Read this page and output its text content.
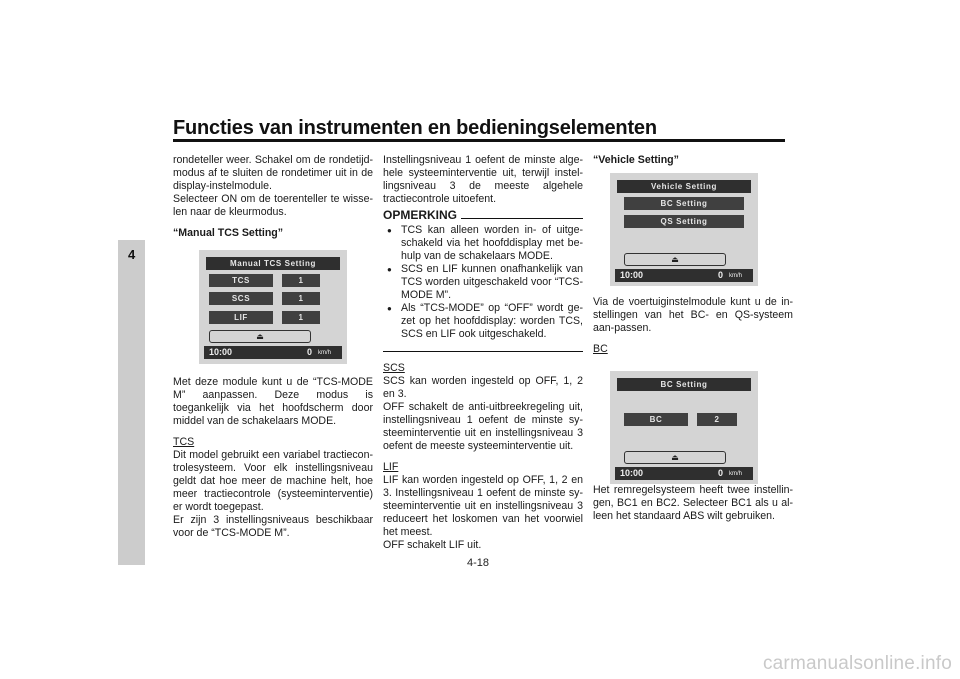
Functies van instrumenten en bedieningselementen
4

rondeteller weer. Schakel om de rondetijd-modus af te sluiten de rondetimer uit in de display-instelmodule.

Selecteer ON om de toerenteller te wisse-len naar de kleurmodus.

“Manual TCS Setting”

Met deze module kunt u de “TCS-MODE M” aanpassen. Deze modus is toegankelijk via het hoofdscherm door middel van de schakelaars MODE.

TCS

Dit model gebruikt een variabel tractiecon-trolesysteem. Voor elk instellingsniveau geldt dat hoe meer de machine helt, hoe meer tractiecontrole (systeeminterventie) er wordt toegepast.

Er zijn 3 instellingsniveaus beschikbaar voor de “TCS-MODE M”.

Manual TCS Setting
TCS	1
SCS	1
LIF	1
⏏
10:00	0 km/h

Instellingsniveau 1 oefent de minste alge-hele systeeminterventie uit, terwijl instel-lingsniveau 3 de meeste algehele tractiecontrole uitoefent.

OPMERKING

● TCS kan alleen worden in- of uitge-schakeld via het hoofddisplay met be-hulp van de schakelaars MODE.

● SCS en LIF kunnen onafhankelijk van TCS worden uitgeschakeld voor “TCS-MODE M”.

● Als “TCS-MODE” op “OFF” wordt ge-zet op het hoofddisplay: worden TCS, SCS en LIF ook uitgeschakeld.

SCS

SCS kan worden ingesteld op OFF, 1, 2 en 3.

OFF schakelt de anti-uitbreekregeling uit, instellingsniveau 1 oefent de minste sy-steeminterventie uit en instellingsniveau 3 oefent de meeste systeeminterventie uit.

LIF

LIF kan worden ingesteld op OFF, 1, 2 en 3. Instellingsniveau 1 oefent de minste sy-steeminterventie uit en instellingsniveau 3 reduceert het loskomen van het voorwiel het meest.

OFF schakelt LIF uit.

“Vehicle Setting”

Via de voertuiginstelmodule kunt u de in-stellingen van het BC- en QS-systeem aan-passen.

BC

Het remregelsysteem heeft twee instellin-gen, BC1 en BC2. Selecteer BC1 als u al-leen het standaard ABS wilt gebruiken.

Vehicle Setting
BC Setting
QS Setting
⏏
10:00	0 km/h
BC Setting
BC	2
⏏
10:00	0 km/h
4-18
carmanualsonline.info
